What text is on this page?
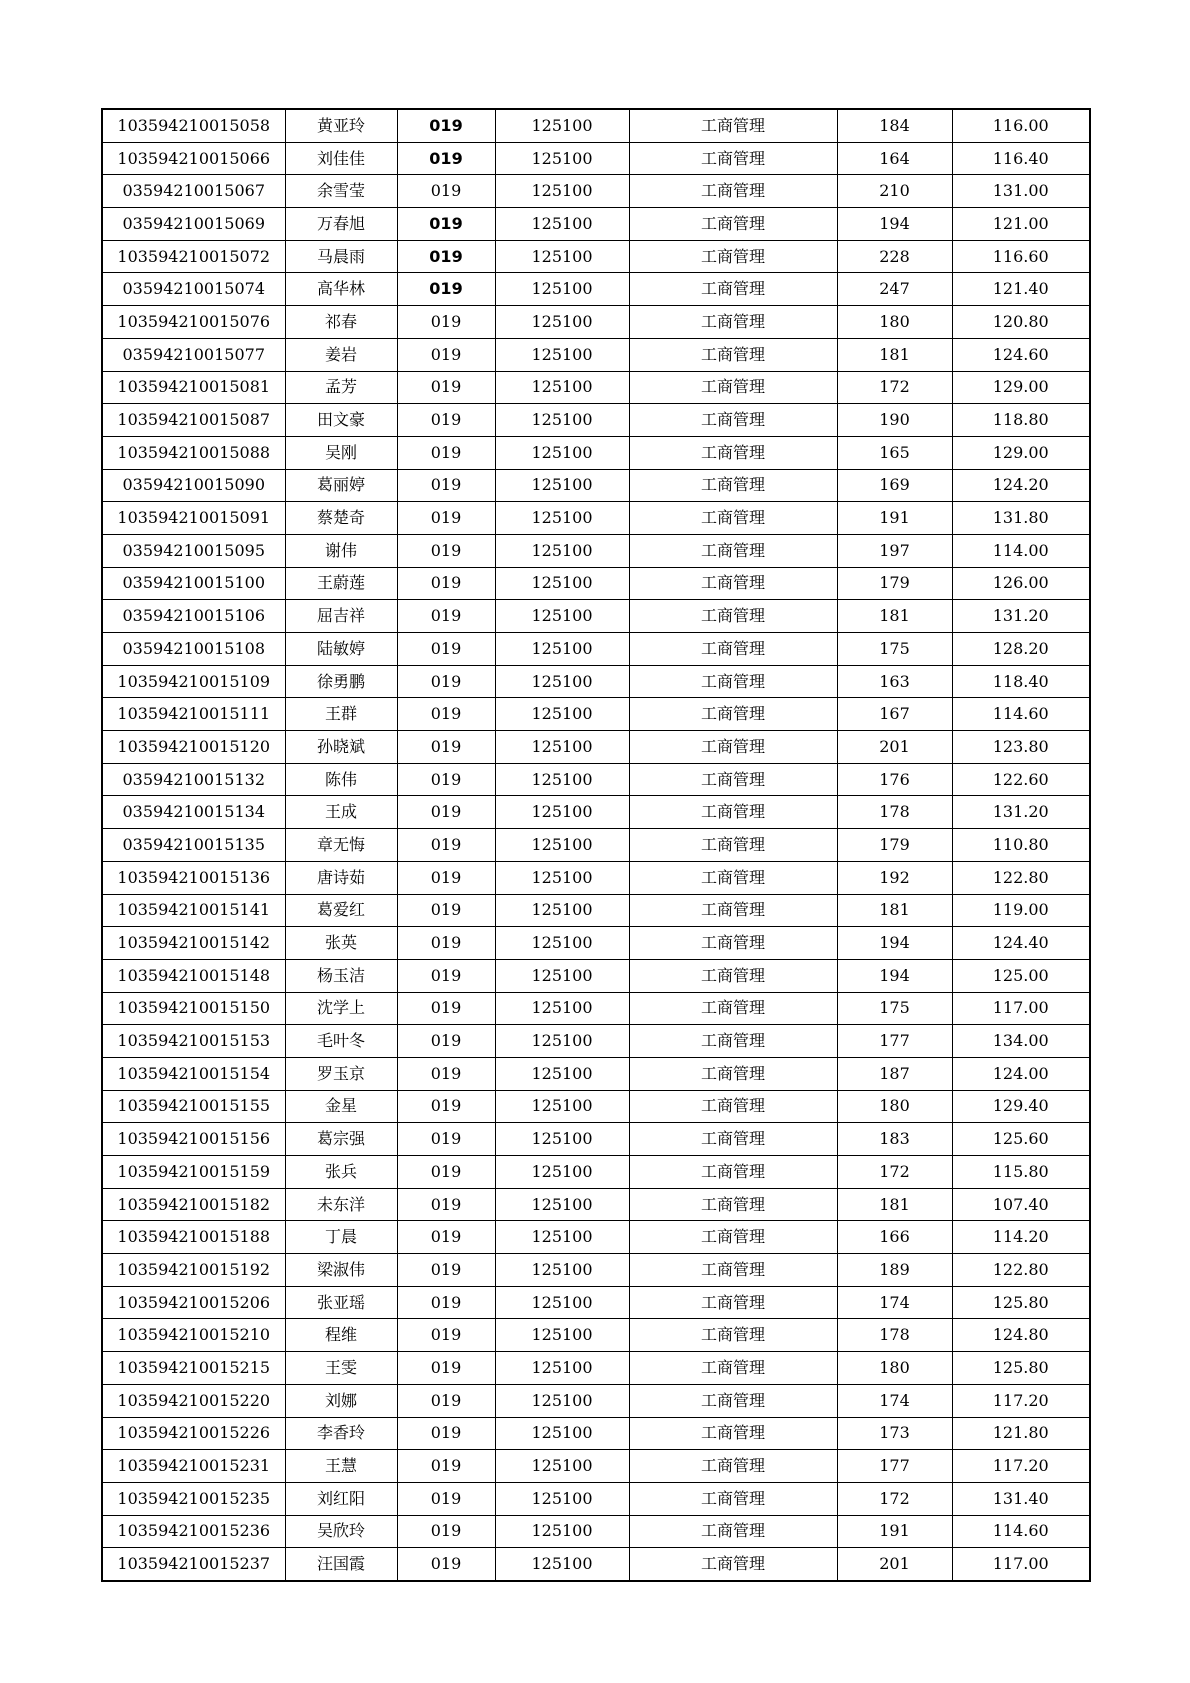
103594210015058	黄亚玲	019	125100	工商管理	184	116.00
103594210015066	刘佳佳	019	125100	工商管理	164	116.40
03594210015067	余雪莹	019	125100	工商管理	210	131.00
03594210015069	万春旭	019	125100	工商管理	194	121.00
103594210015072	马晨雨	019	125100	工商管理	228	116.60
03594210015074	高华林	019	125100	工商管理	247	121.40
103594210015076	祁春	019	125100	工商管理	180	120.80
03594210015077	姜岩	019	125100	工商管理	181	124.60
103594210015081	孟芳	019	125100	工商管理	172	129.00
103594210015087	田文豪	019	125100	工商管理	190	118.80
103594210015088	吴刚	019	125100	工商管理	165	129.00
03594210015090	葛丽婷	019	125100	工商管理	169	124.20
103594210015091	蔡楚奇	019	125100	工商管理	191	131.80
03594210015095	谢伟	019	125100	工商管理	197	114.00
03594210015100	王蔚莲	019	125100	工商管理	179	126.00
03594210015106	屈吉祥	019	125100	工商管理	181	131.20
03594210015108	陆敏婷	019	125100	工商管理	175	128.20
103594210015109	徐勇鹏	019	125100	工商管理	163	118.40
103594210015111	王群	019	125100	工商管理	167	114.60
103594210015120	孙晓斌	019	125100	工商管理	201	123.80
03594210015132	陈伟	019	125100	工商管理	176	122.60
03594210015134	王成	019	125100	工商管理	178	131.20
03594210015135	章无悔	019	125100	工商管理	179	110.80
103594210015136	唐诗茹	019	125100	工商管理	192	122.80
103594210015141	葛爱红	019	125100	工商管理	181	119.00
103594210015142	张英	019	125100	工商管理	194	124.40
103594210015148	杨玉洁	019	125100	工商管理	194	125.00
103594210015150	沈学上	019	125100	工商管理	175	117.00
103594210015153	毛叶冬	019	125100	工商管理	177	134.00
103594210015154	罗玉京	019	125100	工商管理	187	124.00
103594210015155	金星	019	125100	工商管理	180	129.40
103594210015156	葛宗强	019	125100	工商管理	183	125.60
103594210015159	张兵	019	125100	工商管理	172	115.80
103594210015182	未东洋	019	125100	工商管理	181	107.40
103594210015188	丁晨	019	125100	工商管理	166	114.20
103594210015192	梁淑伟	019	125100	工商管理	189	122.80
103594210015206	张亚瑶	019	125100	工商管理	174	125.80
103594210015210	程维	019	125100	工商管理	178	124.80
103594210015215	王雯	019	125100	工商管理	180	125.80
103594210015220	刘娜	019	125100	工商管理	174	117.20
103594210015226	李香玲	019	125100	工商管理	173	121.80
103594210015231	王慧	019	125100	工商管理	177	117.20
103594210015235	刘红阳	019	125100	工商管理	172	131.40
103594210015236	吴欣玲	019	125100	工商管理	191	114.60
103594210015237	汪国霞	019	125100	工商管理	201	117.00
